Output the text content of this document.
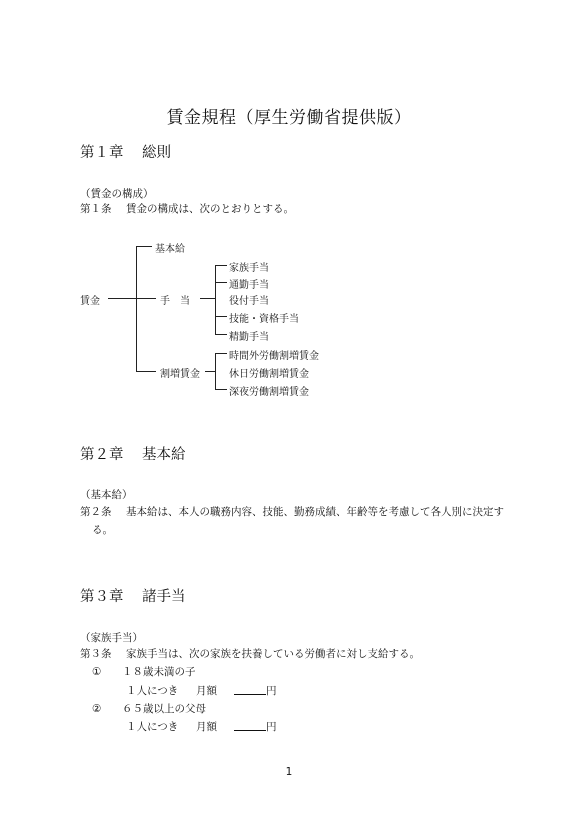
賃金規程（厚生労働省提供版）
第１章 総則
（賃金の構成）
第１条 賃金の構成は、次のとおりとする。
賃金
基本給
手　当
割増賃金
家族手当
通勤手当
役付手当
技能・資格手当
精勤手当
時間外労働割増賃金
休日労働割増賃金
深夜労働割増賃金
第２章 基本給
（基本給）
第２条 基本給は、本人の職務内容、技能、勤務成績、年齢等を考慮して各人別に決定す
る。
第３章 諸手当
（家族手当）
第３条 家族手当は、次の家族を扶養している労働者に対し支給する。
① １８歳未満の子
１人につき 月額	円
② ６５歳以上の父母
１人につき 月額	円
1
